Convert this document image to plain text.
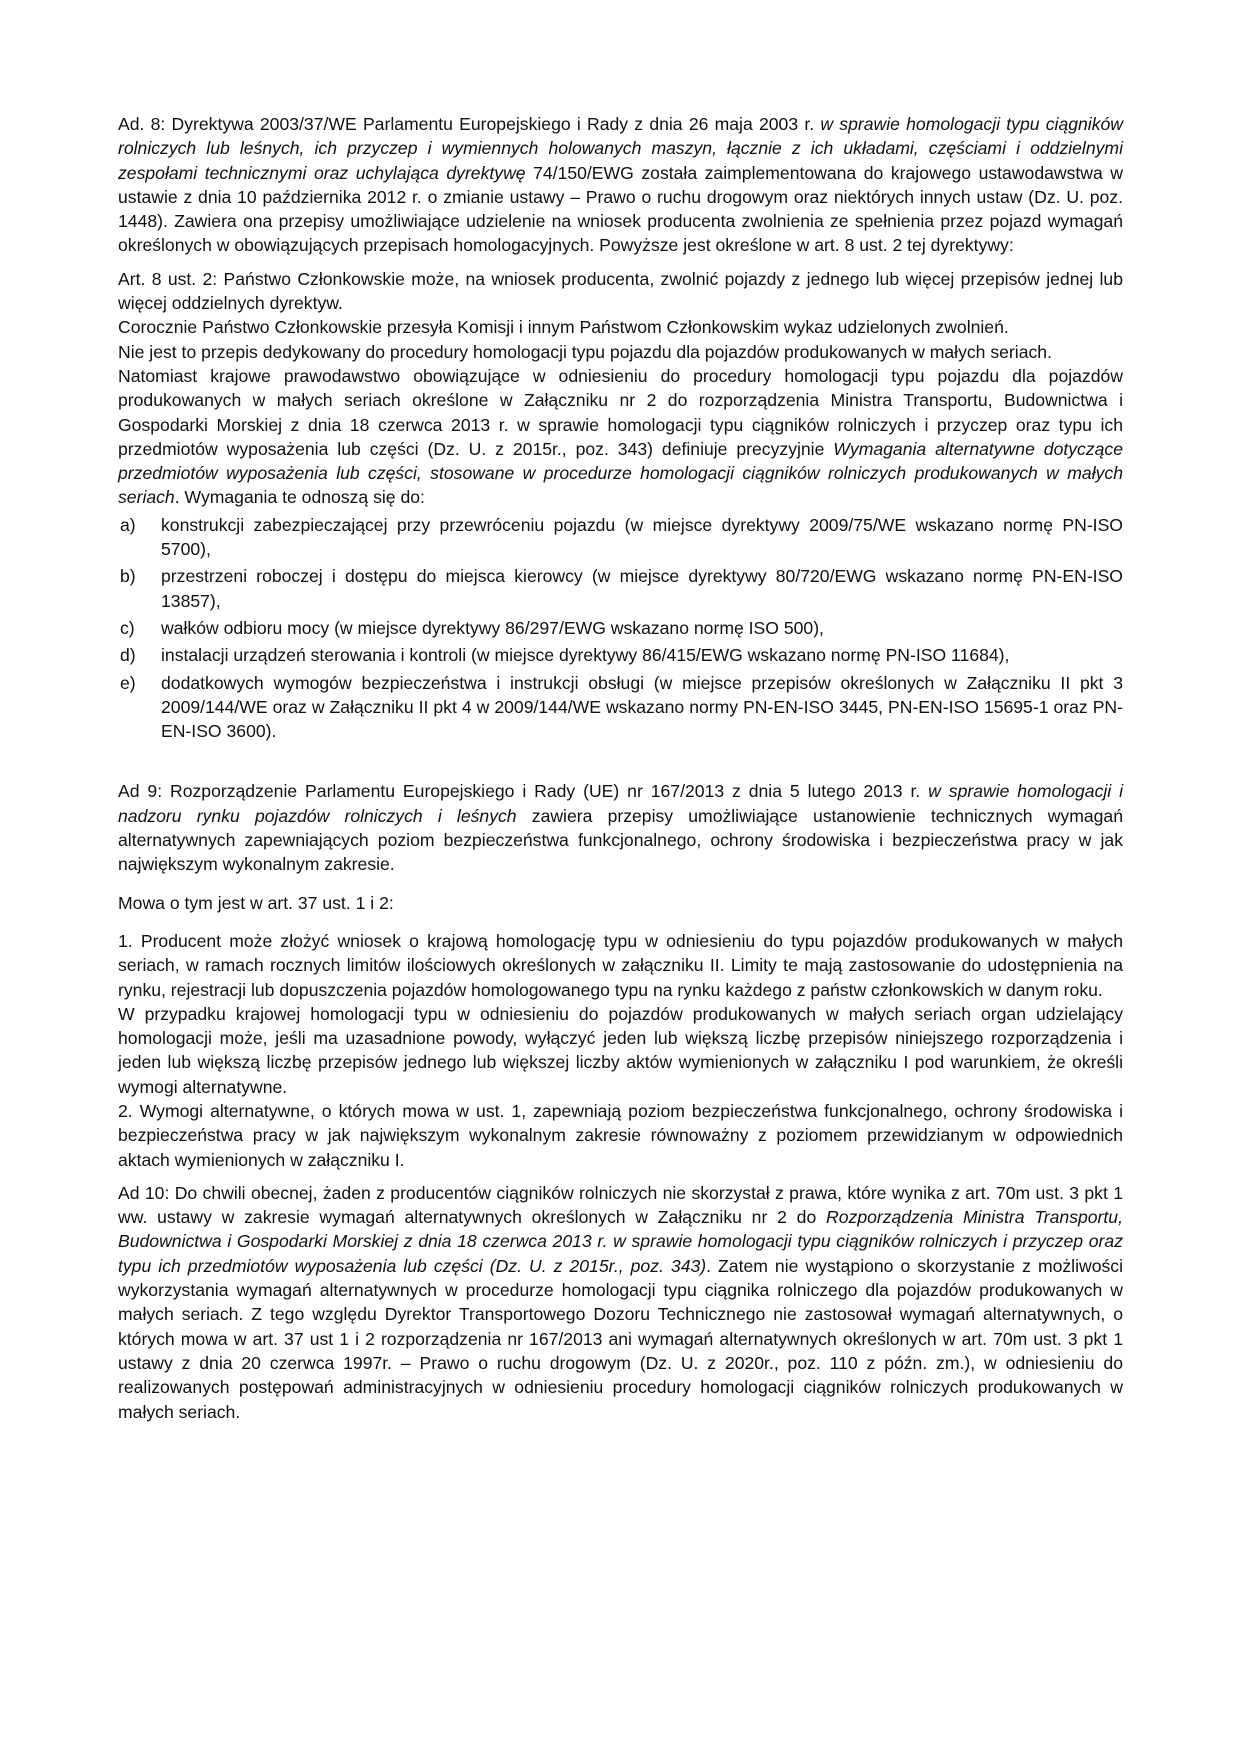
Ad. 8: Dyrektywa 2003/37/WE Parlamentu Europejskiego i Rady z dnia 26 maja 2003 r. w sprawie homologacji typu ciągników rolniczych lub leśnych, ich przyczep i wymiennych holowanych maszyn, łącznie z ich układami, częściami i oddzielnymi zespołami technicznymi oraz uchylająca dyrektywę 74/150/EWG została zaimplementowana do krajowego ustawodawstwa w ustawie z dnia 10 października 2012 r. o zmianie ustawy – Prawo o ruchu drogowym oraz niektórych innych ustaw (Dz. U. poz. 1448). Zawiera ona przepisy umożliwiające udzielenie na wniosek producenta zwolnienia ze spełnienia przez pojazd wymagań określonych w obowiązujących przepisach homologacyjnych. Powyższe jest określone w art. 8 ust. 2 tej dyrektywy:

Art. 8 ust. 2: Państwo Członkowskie może, na wniosek producenta, zwolnić pojazdy z jednego lub więcej przepisów jednej lub więcej oddzielnych dyrektyw.

Corocznie Państwo Członkowskie przesyła Komisji i innym Państwom Członkowskim wykaz udzielonych zwolnień.

Nie jest to przepis dedykowany do procedury homologacji typu pojazdu dla pojazdów produkowanych w małych seriach.

Natomiast krajowe prawodawstwo obowiązujące w odniesieniu do procedury homologacji typu pojazdu dla pojazdów produkowanych w małych seriach określone w Załączniku nr 2 do rozporządzenia Ministra Transportu, Budownictwa i Gospodarki Morskiej z dnia 18 czerwca 2013 r. w sprawie homologacji typu ciągników rolniczych i przyczep oraz typu ich przedmiotów wyposażenia lub części (Dz. U. z 2015r., poz. 343) definiuje precyzyjnie Wymagania alternatywne dotyczące przedmiotów wyposażenia lub części, stosowane w procedurze homologacji ciągników rolniczych produkowanych w małych seriach. Wymagania te odnoszą się do:

a) konstrukcji zabezpieczającej przy przewróceniu pojazdu (w miejsce dyrektywy 2009/75/WE wskazano normę PN-ISO 5700),
b) przestrzeni roboczej i dostępu do miejsca kierowcy (w miejsce dyrektywy 80/720/EWG wskazano normę PN-EN-ISO 13857),
c) wałków odbioru mocy (w miejsce dyrektywy 86/297/EWG wskazano normę ISO 500),
d) instalacji urządzeń sterowania i kontroli (w miejsce dyrektywy 86/415/EWG wskazano normę PN-ISO 11684),
e) dodatkowych wymogów bezpieczeństwa i instrukcji obsługi (w miejsce przepisów określonych w Załączniku II pkt 3 2009/144/WE oraz w Załączniku II pkt 4 w 2009/144/WE wskazano normy PN-EN-ISO 3445, PN-EN-ISO 15695-1 oraz PN-EN-ISO 3600).

Ad 9: Rozporządzenie Parlamentu Europejskiego i Rady (UE) nr 167/2013 z dnia 5 lutego 2013 r. w sprawie homologacji i nadzoru rynku pojazdów rolniczych i leśnych zawiera przepisy umożliwiające ustanowienie technicznych wymagań alternatywnych zapewniających poziom bezpieczeństwa funkcjonalnego, ochrony środowiska i bezpieczeństwa pracy w jak największym wykonalnym zakresie.

Mowa o tym jest w art. 37 ust. 1 i 2:

1. Producent może złożyć wniosek o krajową homologację typu w odniesieniu do typu pojazdów produkowanych w małych seriach, w ramach rocznych limitów ilościowych określonych w załączniku II. Limity te mają zastosowanie do udostępnienia na rynku, rejestracji lub dopuszczenia pojazdów homologowanego typu na rynku każdego z państw członkowskich w danym roku.

W przypadku krajowej homologacji typu w odniesieniu do pojazdów produkowanych w małych seriach organ udzielający homologacji może, jeśli ma uzasadnione powody, wyłączyć jeden lub większą liczbę przepisów niniejszego rozporządzenia i jeden lub większą liczbę przepisów jednego lub większej liczby aktów wymienionych w załączniku I pod warunkiem, że określi wymogi alternatywne.

2. Wymogi alternatywne, o których mowa w ust. 1, zapewniają poziom bezpieczeństwa funkcjonalnego, ochrony środowiska i bezpieczeństwa pracy w jak największym wykonalnym zakresie równoważny z poziomem przewidzianym w odpowiednich aktach wymienionych w załączniku I.

Ad 10: Do chwili obecnej, żaden z producentów ciągników rolniczych nie skorzystał z prawa, które wynika z art. 70m ust. 3 pkt 1 ww. ustawy w zakresie wymagań alternatywnych określonych w Załączniku nr 2 do Rozporządzenia Ministra Transportu, Budownictwa i Gospodarki Morskiej z dnia 18 czerwca 2013 r. w sprawie homologacji typu ciągników rolniczych i przyczep oraz typu ich przedmiotów wyposażenia lub części (Dz. U. z 2015r., poz. 343). Zatem nie wystąpiono o skorzystanie z możliwości wykorzystania wymagań alternatywnych w procedurze homologacji typu ciągnika rolniczego dla pojazdów produkowanych w małych seriach. Z tego względu Dyrektor Transportowego Dozoru Technicznego nie zastosował wymagań alternatywnych, o których mowa w art. 37 ust 1 i 2 rozporządzenia nr 167/2013 ani wymagań alternatywnych określonych w art. 70m ust. 3 pkt 1 ustawy z dnia 20 czerwca 1997r. – Prawo o ruchu drogowym (Dz. U. z 2020r., poz. 110 z późn. zm.), w odniesieniu do realizowanych postępowań administracyjnych w odniesieniu procedury homologacji ciągników rolniczych produkowanych w małych seriach.
